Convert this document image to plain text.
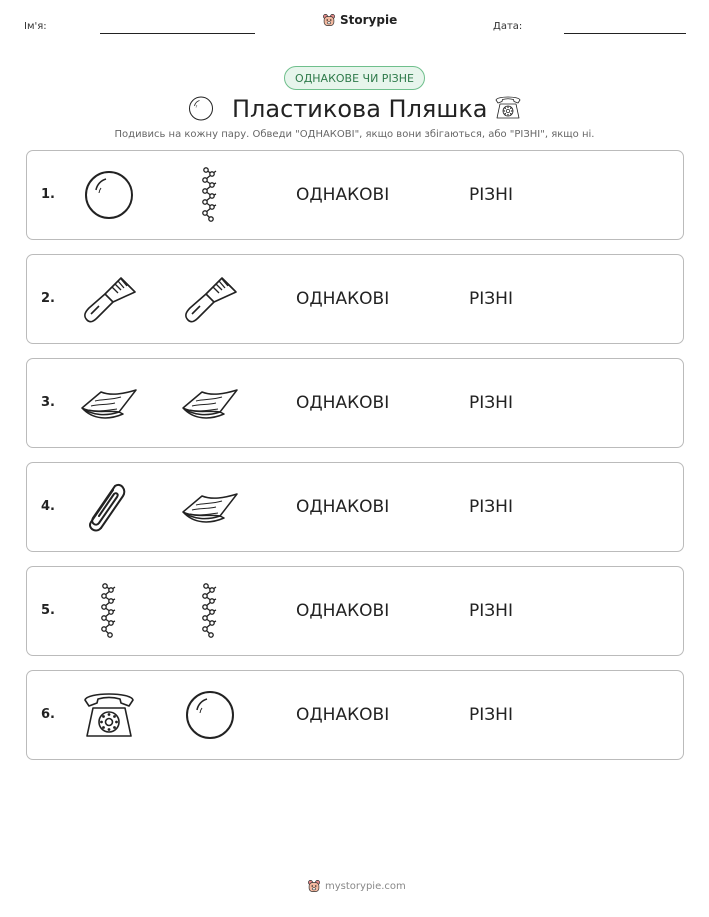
Ім'я:	Storypie	Дата:
ОДНАКОВЕ ЧИ РІЗНЕ
Пластикова Пляшка
Подивись на кожну пару. Обведи "ОДНАКОВІ", якщо вони збігаються, або "РІЗНІ", якщо ні.
1.	ОДНАКОВІ	РІЗНІ
2.	ОДНАКОВІ	РІЗНІ
3.	ОДНАКОВІ	РІЗНІ
4.	ОДНАКОВІ	РІЗНІ
5.	ОДНАКОВІ	РІЗНІ
6.	ОДНАКОВІ	РІЗНІ
mystorypie.com
